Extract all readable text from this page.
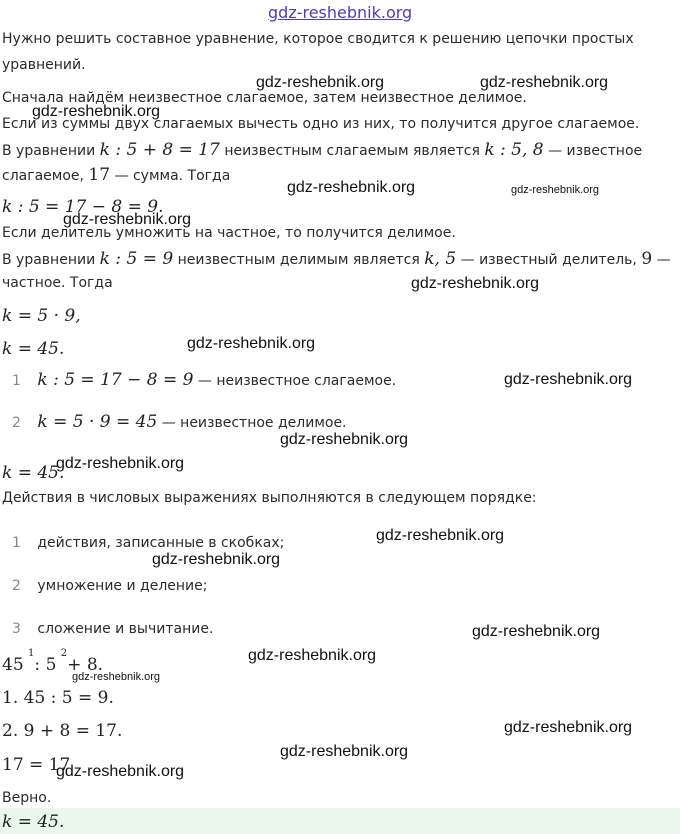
gdz-reshebnik.org
Нужно решить составное уравнение, которое сводится к решению цепочки простых
уравнений.
Сначала найдём неизвестное слагаемое, затем неизвестное делимое.
Если из суммы двух слагаемых вычесть одно из них, то получится другое слагаемое.
В уравнении k : 5 + 8 = 17 неизвестным слагаемым является k : 5, 8 — известное
слагаемое, 17 — сумма. Тогда
k : 5 = 17 − 8 = 9.
Если делитель умножить на частное, то получится делимое.
В уравнении k : 5 = 9 неизвестным делимым является k, 5 — известный делитель, 9 —
частное. Тогда
k = 5 · 9,
k = 45.
1 k : 5 = 17 − 8 = 9 — неизвестное слагаемое.
2 k = 5 · 9 = 45 — неизвестное делимое.
k = 45.
Действия в числовых выражениях выполняются в следующем порядке:
1 действия, записанные в скобках;
2 умножение и деление;
3 сложение и вычитание.
45 $^1$: 5 $^2$+ 8.
1. 45 : 5 = 9.
2. 9 + 8 = 17.
17 = 17
Верно.
k = 45.
gdz-reshebnik.org	gdz-reshebnik.org
gdz-reshebnik.org
gdz-reshebnik.org	gdz-reshebnik.org
gdz-reshebnik.org
gdz-reshebnik.org
gdz-reshebnik.org
gdz-reshebnik.org
gdz-reshebnik.org
gdz-reshebnik.org
gdz-reshebnik.org
gdz-reshebnik.org
gdz-reshebnik.org
gdz-reshebnik.org
gdz-reshebnik.org
gdz-reshebnik.org
gdz-reshebnik.org
gdz-reshebnik.org
